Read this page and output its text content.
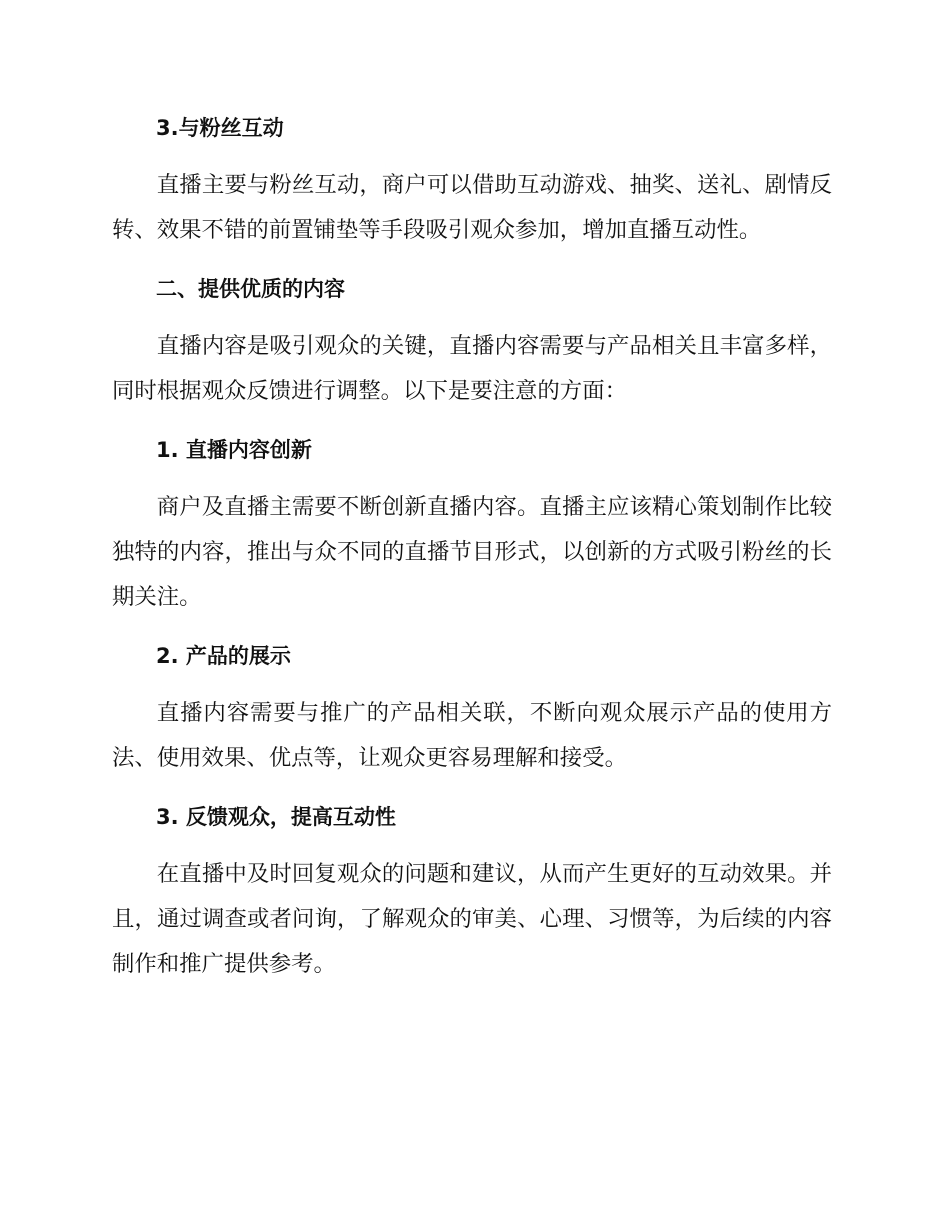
3.与粉丝互动

直播主要与粉丝互动，商户可以借助互动游戏、抽奖、送礼、剧情反转、效果不错的前置铺垫等手段吸引观众参加，增加直播互动性。

二、提供优质的内容

直播内容是吸引观众的关键，直播内容需要与产品相关且丰富多样，同时根据观众反馈进行调整。以下是要注意的方面：

1. 直播内容创新

商户及直播主需要不断创新直播内容。直播主应该精心策划制作比较独特的内容，推出与众不同的直播节目形式，以创新的方式吸引粉丝的长期关注。

2. 产品的展示

直播内容需要与推广的产品相关联，不断向观众展示产品的使用方法、使用效果、优点等，让观众更容易理解和接受。

3. 反馈观众，提高互动性

在直播中及时回复观众的问题和建议，从而产生更好的互动效果。并且，通过调查或者问询，了解观众的审美、心理、习惯等，为后续的内容制作和推广提供参考。
